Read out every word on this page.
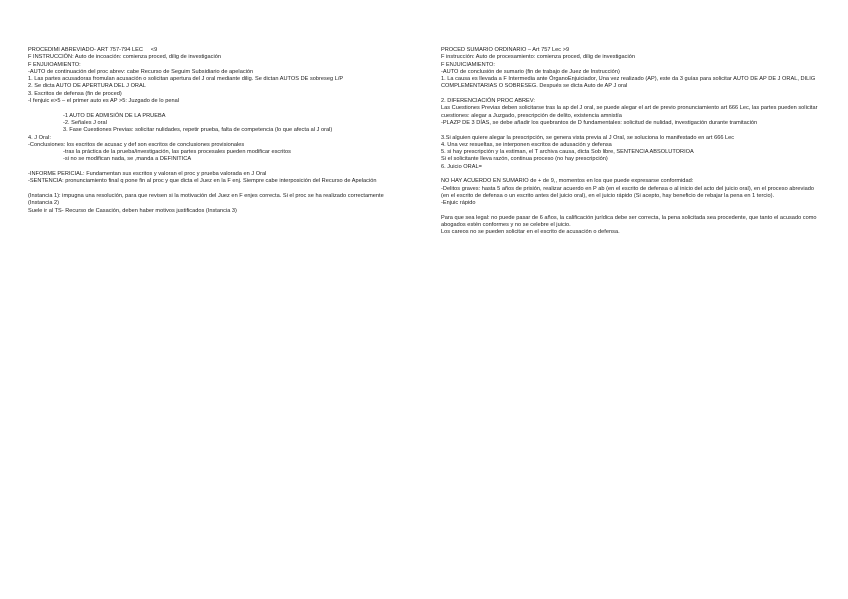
PROCEDIMI ABREVIADO- ART 757-794 LEC     <9
F INSTRUCCIÓN: Auto de incoación: comienza proced, dilig de investigación
F ENJUIOAMIENTO:
-AUTO de continuación del proc abrev: cabe Recurso de Seguim Subsidiario de apelación
1. Las partes acusadoras fromulan acusación o solicitan apertura del J oral mediante dilig. Se dictan AUTOS DE sobreseg L/P
2. Se dicta AUTO DE APERTURA DEL J ORAL
3. Escritos de defensa (fin de proced)
-I fenjuic e>5 – el primer auto es AP >5: Juzgado de lo penal
-1 AUTO DE ADMISIÓN DE LA PRUEBA
-2. Señales J oral
3. Fase Cuestiones Previas: solicitar nulidades, repetir prueba, falta de competencia (lo que afecta al J oral)
4. J Oral:
-Conclusiones: los escritos de acusac y def son escritos de conclusiones provisionales
-tras la práctica de la prueba/investigación, las partes procesales pueden modificar escritos
-si no se modifican nada, se ,manda a DEFINITICA
-INFORME PERICIAL: Fundamentan sus escritos y valoran el proc y prueba valorada en J Oral
-SENTENCIA: pronunciamiento final q pone fin al proc y que dicta el Juez en la F enj. Siempre cabe interposición del Recurso de Apelación
(Instancia 1): impugna una resolución, para que revisen si la motivación del Juez en F enjes correcta. Si el proc se ha realizado correctamente (Instancia 2)
Suele ir al TS- Recurso de Casación, deben haber motivos justificados (Instancia 3)
PROCED SUMARIO ORDINARIO – Art 757 Lec >9
F instrucción: Auto de procesamiento: comienza proced, dilig de investigación
F ENJUICIAMIENTO:
-AUTO de conclusión de sumario (fin de trabajo de Juez de Instrucción)
1. La causa es llevada a F Intermedia ante ÓrganoEnjuiciador, Una vez realizado (AP), este da 3 guías para solicitar AUTO DE AP DE J ORAL, DILIG COMPLEMENTARIAS O SOBRESEG. Después se dicta Auto de AP J oral
2. DIFERENCIACIÓN PROC ABREV:
Las Cuestiones Previas deben solicitarse tras la ap del J oral, se puede alegar el art de previo pronunciamiento art 666 Lec, las partes pueden solicitar cuestiones: alegar a Juzgado, prescripción de delito, existencia amnistía
-PLAZP DE 3 DÍAS, se debe añadir los quebrantos de D fundamentales: solicitud de nulidad, investigación durante tramitación
3.Si alguien quiere alegar la prescripción, se genera vista previa al J Oral, se soluciona lo manifestado en art 666 Lec
4. Una vez resueltas, se interponen escritos de adusación y defensa
5. si hay prescripción y la estiman, el T archiva causa, dicta Sob libre, SENTENCIA ABSOLUTORIOA
Si el solicitante lleva razón, continua proceso (no hay prescripción)
6. Juicio ORAL=
NO HAY ACUERDO EN SUMARIO de + de 9,, momentos en los que puede expresarse conformidad:
-Delitos graves: hasta 5 años de prisión, realizar acuerdo en P ab (en el escrito de defensa o al inicio del acto del juicio oral), en el proceso abreviado (en el escrito de defensa o un escrito antes del juicio oral), en el juicio rápido (Si acepto, hay beneficio de rebajar la pena en 1 tercio).
-Enjuic rápido
Para que sea legal: no puede pasar de 6 años, la calificación jurídica debe ser correcta, la pena solicitada sea procedente, que tanto el acusado como abogados estén conformes y no se celebre el juicio.
Los careos no se pueden solicitar en el escrito de acusación o defensa.
